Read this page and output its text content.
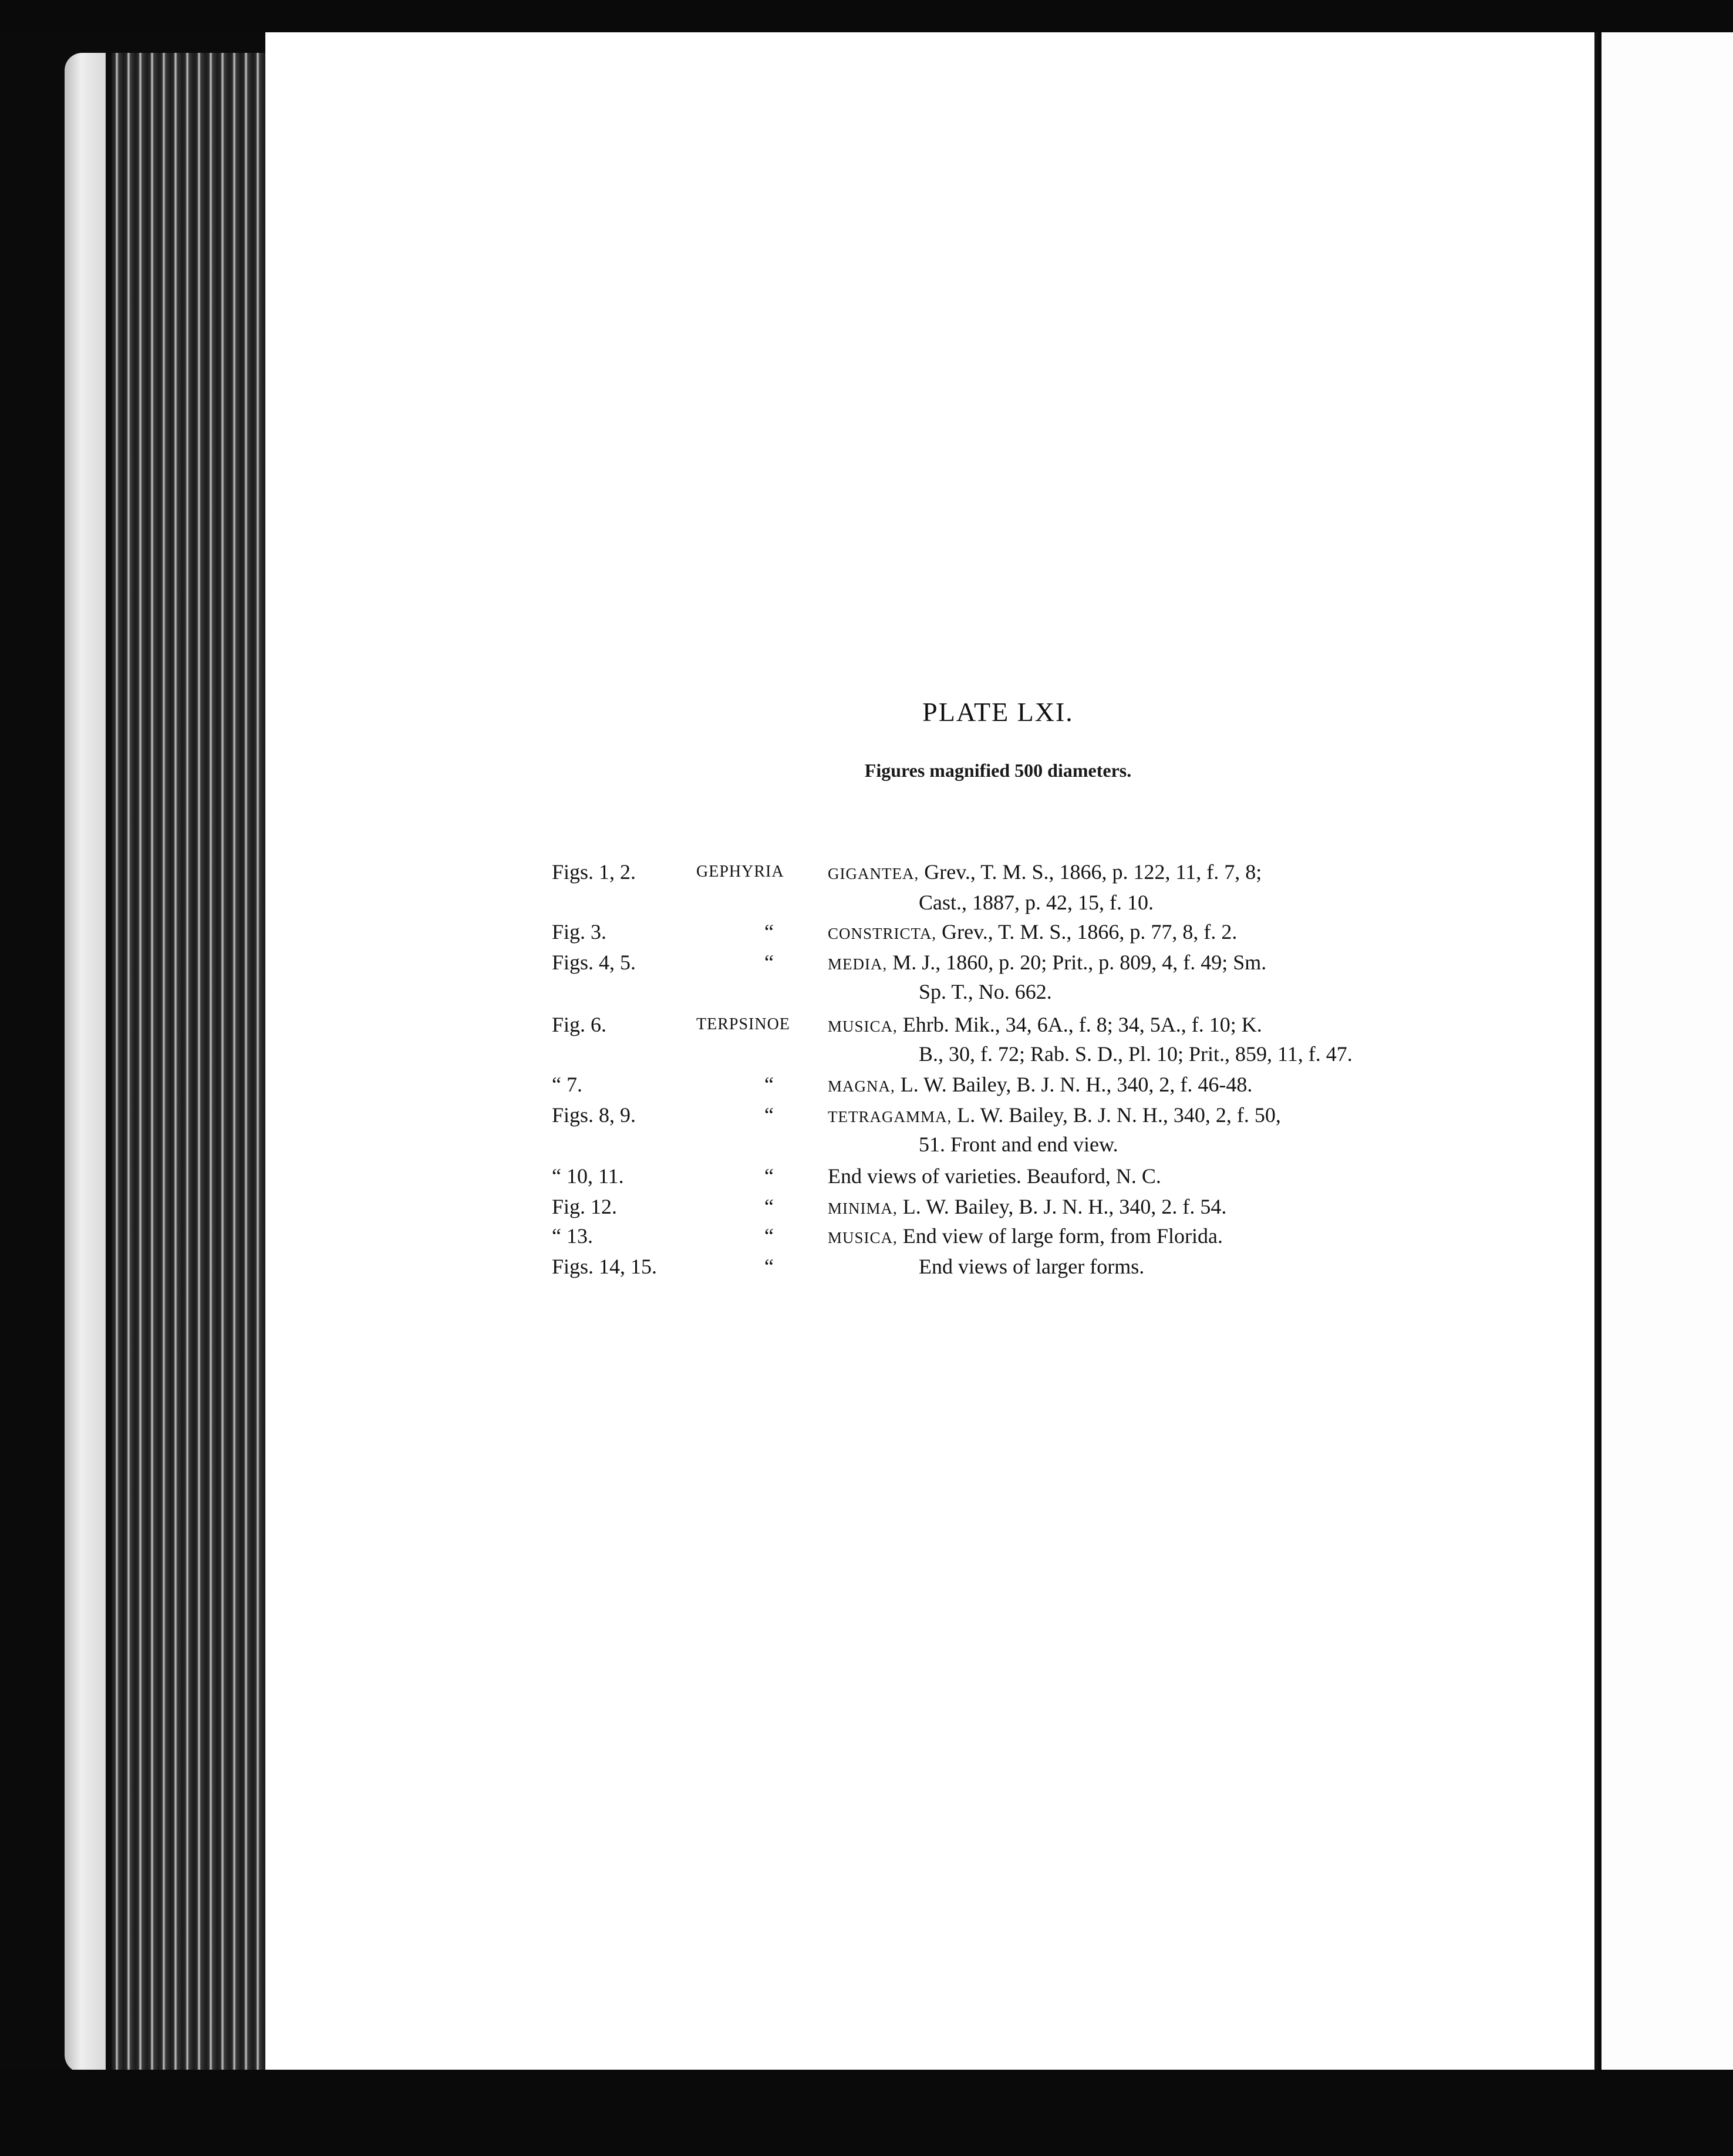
PLATE LXI.
Figures magnified 500 diameters.
Figs. 1, 2.	GEPHYRIA	GIGANTEA, Grev., T. M. S., 1866, p. 122, 11, f. 7, 8;
Cast., 1887, p. 42, 15, f. 10.
Fig. 3.	“	CONSTRICTA, Grev., T. M. S., 1866, p. 77, 8, f. 2.
Figs. 4, 5.	“	MEDIA, M. J., 1860, p. 20; Prit., p. 809, 4, f. 49; Sm.
Sp. T., No. 662.
Fig. 6.	TERPSINOE	MUSICA, Ehrb. Mik., 34, 6A., f. 8; 34, 5A., f. 10; K.
B., 30, f. 72; Rab. S. D., Pl. 10; Prit., 859, 11, f. 47.
“ 7.	“	MAGNA, L. W. Bailey, B. J. N. H., 340, 2, f. 46-48.
Figs. 8, 9.	“	TETRAGAMMA, L. W. Bailey, B. J. N. H., 340, 2, f. 50,
51. Front and end view.
“ 10, 11.	“	End views of varieties. Beauford, N. C.
Fig. 12.	“	MINIMA, L. W. Bailey, B. J. N. H., 340, 2. f. 54.
“ 13.	“	MUSICA, End view of large form, from Florida.
Figs. 14, 15.	“	End views of larger forms.
